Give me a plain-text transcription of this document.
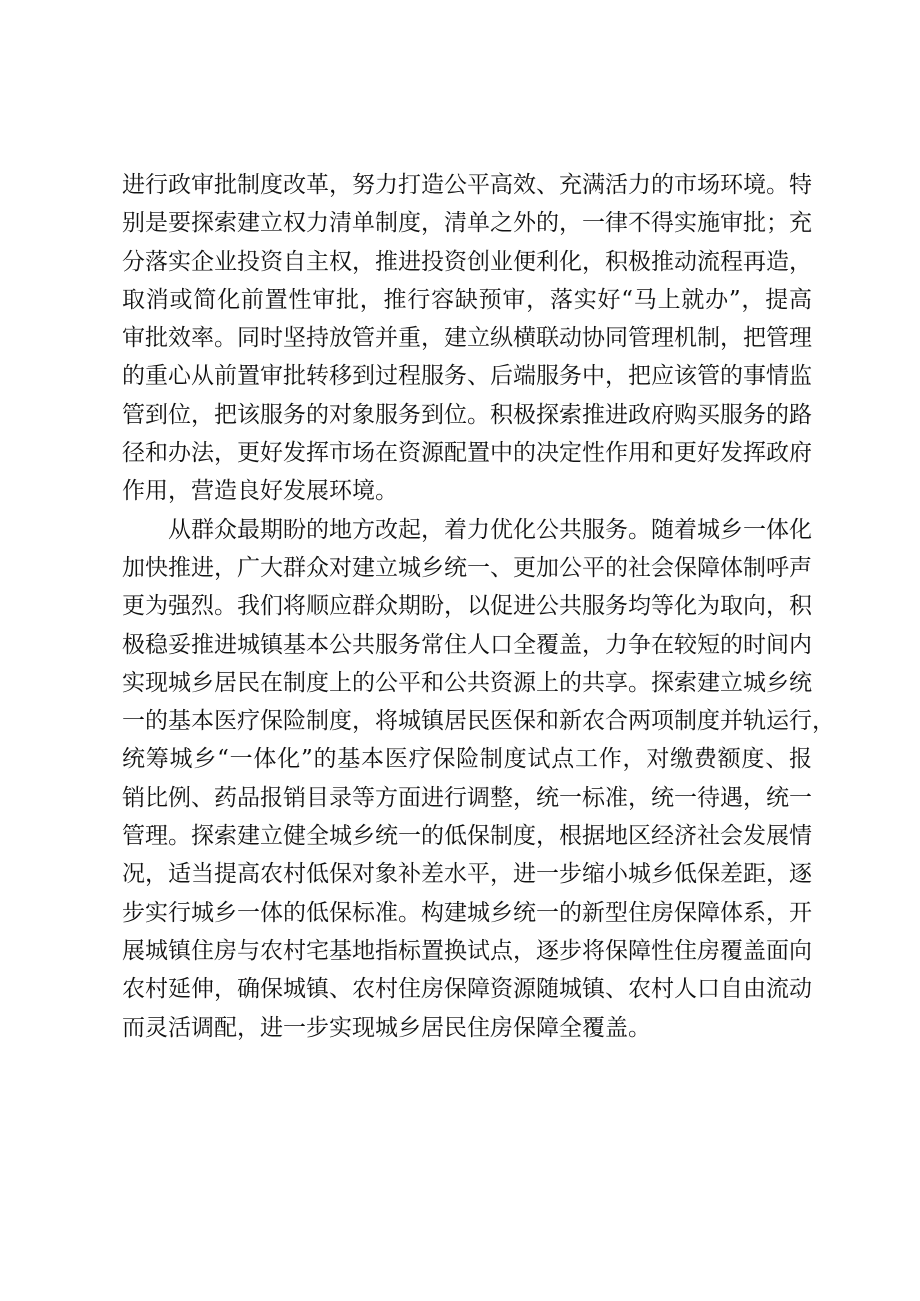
进行政审批制度改革，努力打造公平高效、充满活力的市场环境。特
别是要探索建立权力清单制度，清单之外的，一律不得实施审批；充
分落实企业投资自主权，推进投资创业便利化，积极推动流程再造，
取消或简化前置性审批，推行容缺预审，落实好“马上就办”，提高
审批效率。同时坚持放管并重，建立纵横联动协同管理机制，把管理
的重心从前置审批转移到过程服务、后端服务中，把应该管的事情监
管到位，把该服务的对象服务到位。积极探索推进政府购买服务的路
径和办法，更好发挥市场在资源配置中的决定性作用和更好发挥政府
作用，营造良好发展环境。
从群众最期盼的地方改起，着力优化公共服务。随着城乡一体化
加快推进，广大群众对建立城乡统一、更加公平的社会保障体制呼声
更为强烈。我们将顺应群众期盼，以促进公共服务均等化为取向，积
极稳妥推进城镇基本公共服务常住人口全覆盖，力争在较短的时间内
实现城乡居民在制度上的公平和公共资源上的共享。探索建立城乡统
一的基本医疗保险制度，将城镇居民医保和新农合两项制度并轨运行，
统筹城乡“一体化”的基本医疗保险制度试点工作，对缴费额度、报
销比例、药品报销目录等方面进行调整，统一标准，统一待遇，统一
管理。探索建立健全城乡统一的低保制度，根据地区经济社会发展情
况，适当提高农村低保对象补差水平，进一步缩小城乡低保差距，逐
步实行城乡一体的低保标准。构建城乡统一的新型住房保障体系，开
展城镇住房与农村宅基地指标置换试点，逐步将保障性住房覆盖面向
农村延伸，确保城镇、农村住房保障资源随城镇、农村人口自由流动
而灵活调配，进一步实现城乡居民住房保障全覆盖。
